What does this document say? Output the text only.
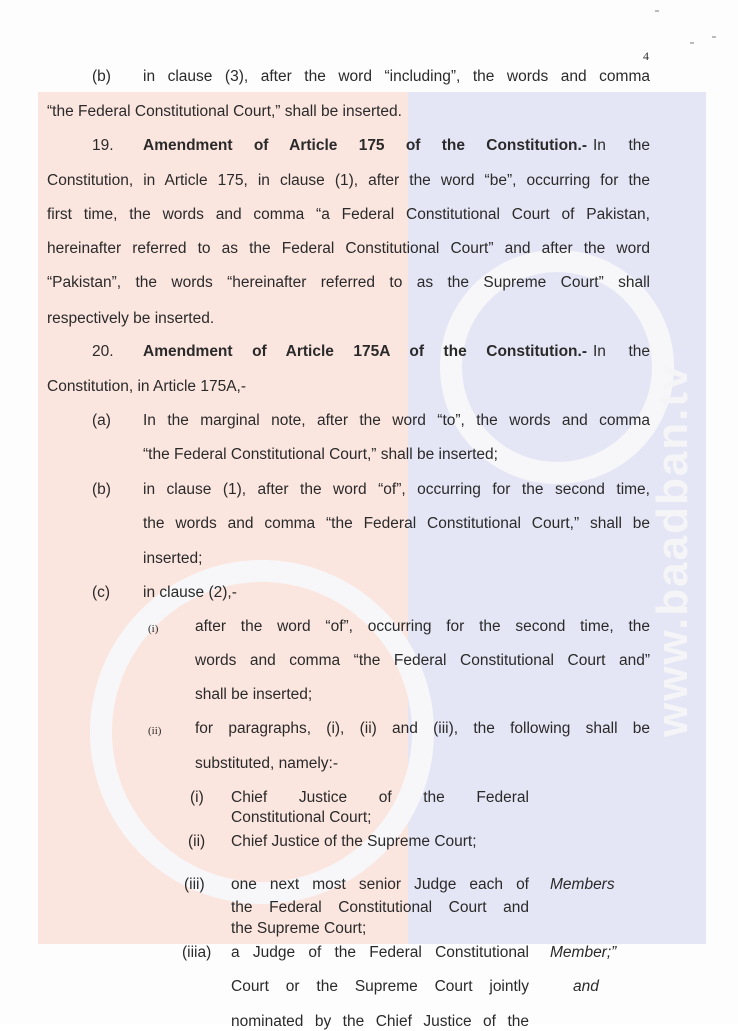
www.baadban.tv
4
(b) in clause (3), after the word “including”, the words and comma
“the Federal Constitutional Court,” shall be inserted.
19. Amendment of Article 175 of the Constitution.- In the
Constitution, in Article 175, in clause (1), after the word “be”, occurring for the
first time, the words and comma “a Federal Constitutional Court of Pakistan,
hereinafter referred to as the Federal Constitutional Court” and after the word
“Pakistan”, the words “hereinafter referred to as the Supreme Court” shall
respectively be inserted.
20. Amendment of Article 175A of the Constitution.- In the
Constitution, in Article 175A,-
(a) In the marginal note, after the word “to”, the words and comma
“the Federal Constitutional Court,” shall be inserted;
(b) in clause (1), after the word “of”, occurring for the second time,
the words and comma “the Federal Constitutional Court,” shall be
inserted;
(c) in clause (2),-
(i) after the word “of”, occurring for the second time, the
words and comma “the Federal Constitutional Court and”
shall be inserted;
(ii) for paragraphs, (i), (ii) and (iii), the following shall be
substituted, namely:-
(i) Chief Justice of the Federal
Constitutional Court;
(ii) Chief Justice of the Supreme Court;
(iii) one next most senior Judge each of
the Federal Constitutional Court and
the Supreme Court;
Members
(iiia) a Judge of the Federal Constitutional
Court or the Supreme Court jointly
nominated by the Chief Justice of the
Member;”
and
